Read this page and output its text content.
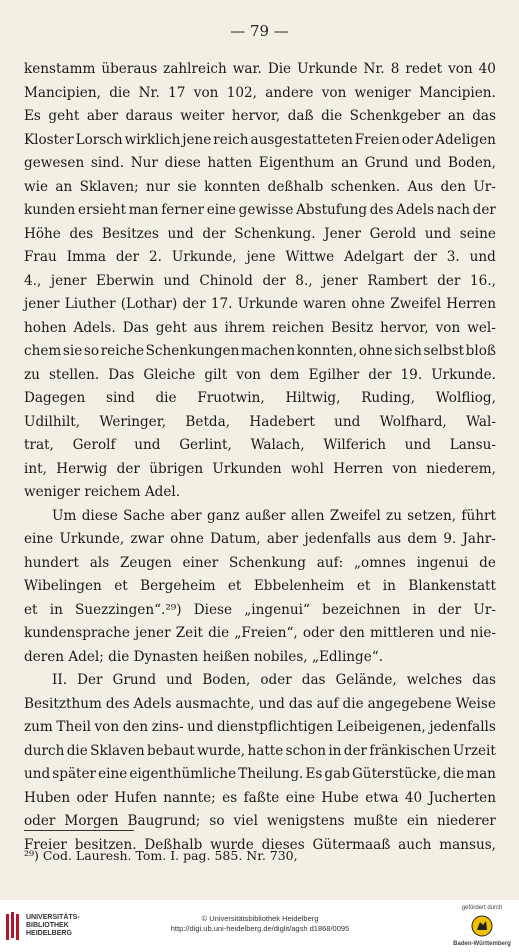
— 79 —
kenstamm überaus zahlreich war. Die Urkunde Nr. 8 redet von 40
Mancipien, die Nr. 17 von 102, andere von weniger Mancipien.
Es geht aber daraus weiter hervor, daß die Schenkgeber an das
Kloster Lorsch wirklich jene reich ausgestatteten Freien oder Adeligen
gewesen sind. Nur diese hatten Eigenthum an Grund und Boden,
wie an Sklaven; nur sie konnten deßhalb schenken. Aus den Ur-
kunden ersieht man ferner eine gewisse Abstufung des Adels nach der
Höhe des Besitzes und der Schenkung. Jener Gerold und seine
Frau Imma der 2. Urkunde, jene Wittwe Adelgart der 3. und
4., jener Eberwin und Chinold der 8., jener Rambert der 16.,
jener Liuther (Lothar) der 17. Urkunde waren ohne Zweifel Herren
hohen Adels. Das geht aus ihrem reichen Besitz hervor, von wel-
chem sie so reiche Schenkungen machen konnten, ohne sich selbst bloß
zu stellen. Das Gleiche gilt von dem Egilher der 19. Urkunde.
Dagegen sind die Fruotwin, Hiltwig, Ruding, Wolfliog,
Udilhilt, Weringer, Betda, Hadebert und Wolfhard, Wal-
trat, Gerolf und Gerlint, Walach, Wilferich und Lansu-
int, Herwig der übrigen Urkunden wohl Herren von niederem,
weniger reichem Adel.
Um diese Sache aber ganz außer allen Zweifel zu setzen, führt
eine Urkunde, zwar ohne Datum, aber jedenfalls aus dem 9. Jahr-
hundert als Zeugen einer Schenkung auf: „omnes ingenui de
Wibelingen et Bergeheim et Ebbelenheim et in Blankenstatt
et in Suezzingen“.²⁹) Diese „ingenui“ bezeichnen in der Ur-
kundensprache jener Zeit die „Freien“, oder den mittleren und nie-
deren Adel; die Dynasten heißen nobiles, „Edlinge“.
II. Der Grund und Boden, oder das Gelände, welches das
Besitzthum des Adels ausmachte, und das auf die angegebene Weise
zum Theil von den zins- und dienstpflichtigen Leibeigenen, jedenfalls
durch die Sklaven bebaut wurde, hatte schon in der fränkischen Urzeit
und später eine eigenthümliche Theilung. Es gab Güterstücke, die man
Huben oder Hufen nannte; es faßte eine Hube etwa 40 Jucherten
oder Morgen Baugrund; so viel wenigstens mußte ein niederer
Freier besitzen. Deßhalb wurde dieses Gütermaaß auch mansus,
²⁹) Cod. Lauresh. Tom. I. pag. 585. Nr. 730,
UNIVERSITÄTS-BIBLIOTHEK HEIDELBERG
© Universitätsbibliothek Heidelberg
http://digi.ub.uni-heidelberg.de/diglit/agsh d1868/0095
gefördert durch
Baden-Württemberg
